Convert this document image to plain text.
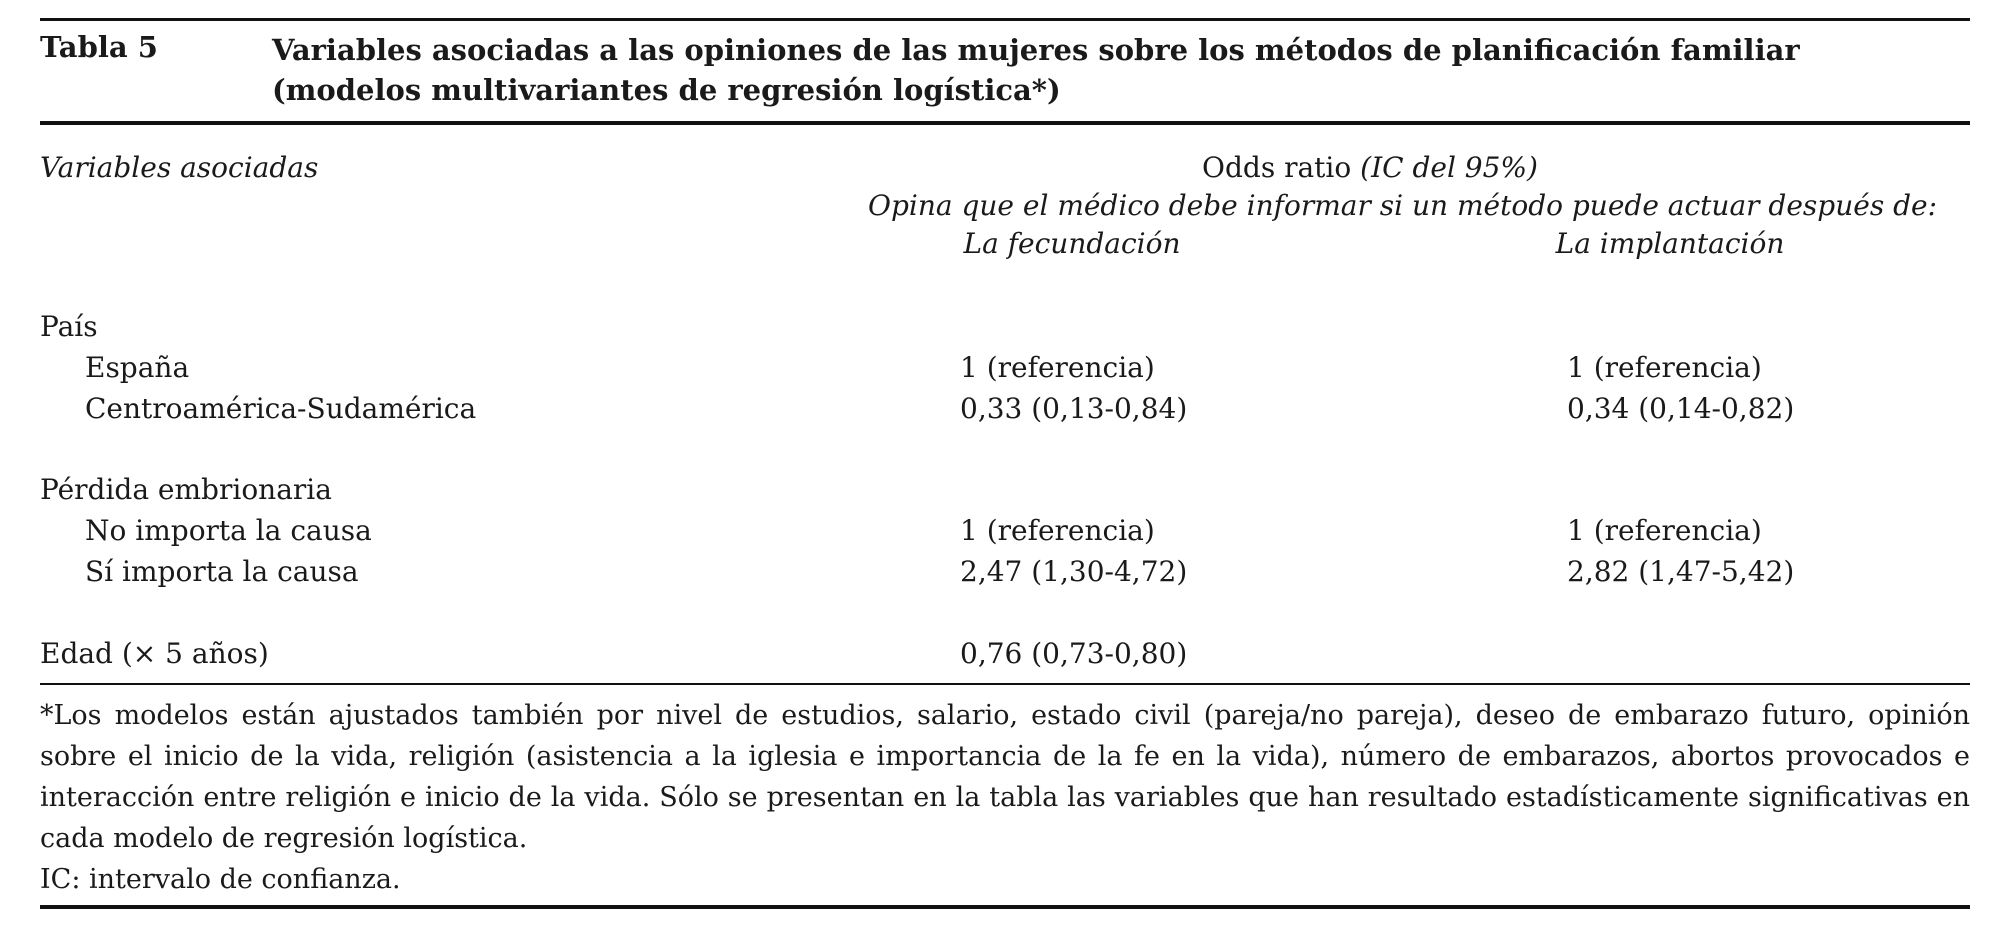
Tabla 5	Variables asociadas a las opiniones de las mujeres sobre los métodos de planificación familiar (modelos multivariantes de regresión logística*)
Variables asociadas	Odds ratio (IC del 95%)
Opina que el médico debe informar si un método puede actuar después de:
La fecundación	La implantación
País
España	1 (referencia)	1 (referencia)
Centroamérica-Sudamérica	0,33 (0,13-0,84)	0,34 (0,14-0,82)
Pérdida embrionaria
No importa la causa	1 (referencia)	1 (referencia)
Sí importa la causa	2,47 (1,30-4,72)	2,82 (1,47-5,42)
Edad (× 5 años)	0,76 (0,73-0,80)

*Los modelos están ajustados también por nivel de estudios, salario, estado civil (pareja/no pareja), deseo de embarazo futuro, opinión sobre el inicio de la vida, religión (asistencia a la iglesia e importancia de la fe en la vida), número de embarazos, abortos provocados e interacción entre religión e inicio de la vida. Sólo se presentan en la tabla las variables que han resultado estadísticamente significativas en cada modelo de regresión logística.

IC: intervalo de confianza.
